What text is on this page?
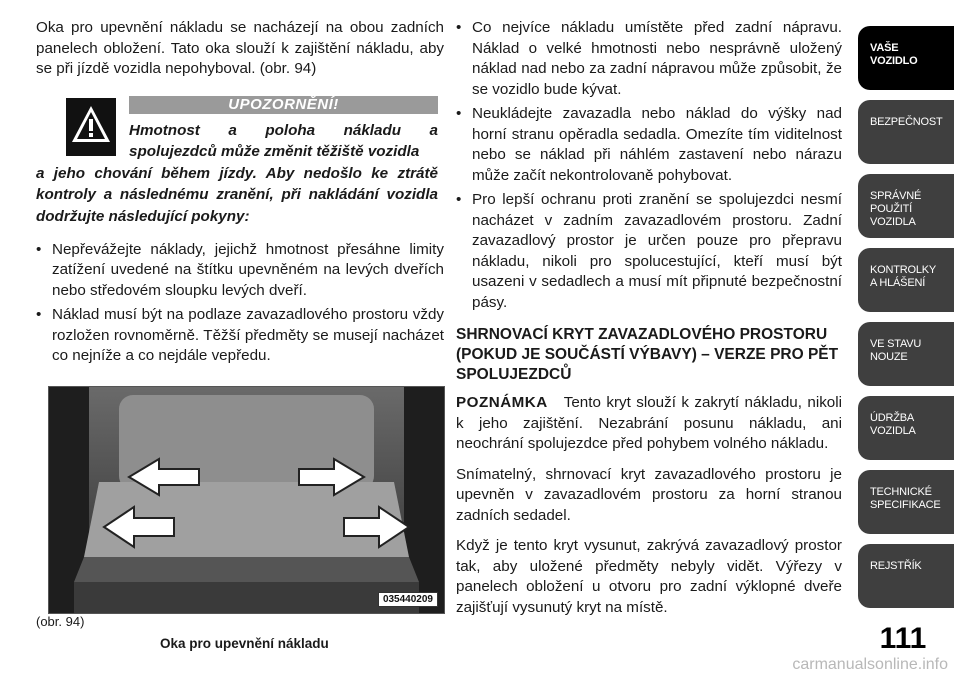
Oka pro upevnění nákladu se nacházejí na obou zadních panelech obložení. Tato oka slouží k zajištění nákladu, aby se při jízdě vozidla nepohyboval. (obr. 94)

UPOZORNĚNÍ!
Hmotnost a poloha nákladu a
spolujezdců může změnit těžiště vozidla
a jeho chování během jízdy. Aby nedošlo ke ztrátě kontroly a následnému zranění, při nakládání vozidla dodržujte následující pokyny:
• Nepřevážejte náklady, jejichž hmotnost přesáhne limity zatížení uvedené na štítku upevněném na levých dveřích nebo středovém sloupku levých dveří.
• Náklad musí být na podlaze zavazadlového prostoru vždy rozložen rovnoměrně. Těžší předměty se musejí nacházet co nejníže a co nejdále vepředu.
035440209
(obr. 94)
Oka pro upevnění nákladu
• Co nejvíce nákladu umístěte před zadní nápravu. Náklad o velké hmotnosti nebo nesprávně uložený náklad nad nebo za zadní nápravou může způsobit, že se vozidlo bude kývat.
• Neukládejte zavazadla nebo náklad do výšky nad horní stranu opěradla sedadla. Omezíte tím viditelnost nebo se náklad při náhlém zastavení nebo nárazu může začít nekontrolovaně pohybovat.
• Pro lepší ochranu proti zranění se spolujezdci nesmí nacházet v zadním zavazadlovém prostoru. Zadní zavazadlový prostor je určen pouze pro přepravu nákladu, nikoli pro spolucestující, kteří musí být usazeni v sedadlech a musí mít připnuté bezpečnostní pásy.
SHRNOVACÍ KRYT ZAVAZADLOVÉHO PROSTORU (POKUD JE SOUČÁSTÍ VÝBAVY) – VERZE PRO PĚT SPOLUJEZDCŮ

POZNÁMKA Tento kryt slouží k zakrytí nákladu, nikoli k jeho zajištění. Nezabrání posunu nákladu, ani neochrání spolujezdce před pohybem volného nákladu.

Snímatelný, shrnovací kryt zavazadlového prostoru je upevněn v zavazadlovém prostoru za horní stranou zadních sedadel.

Když je tento kryt vysunut, zakrývá zavazadlový prostor tak, aby uložené předměty nebyly vidět. Výřezy v panelech obložení u otvoru pro zadní výklopné dveře zajišťují vysunutý kryt na místě.

VAŠE
VOZIDLO
BEZPEČNOST
SPRÁVNÉ
POUŽITÍ
VOZIDLA
KONTROLKY
A HLÁŠENÍ
VE STAVU
NOUZE
ÚDRŽBA
VOZIDLA
TECHNICKÉ
SPECIFIKACE
REJSTŘÍK
111
carmanualsonline.info
